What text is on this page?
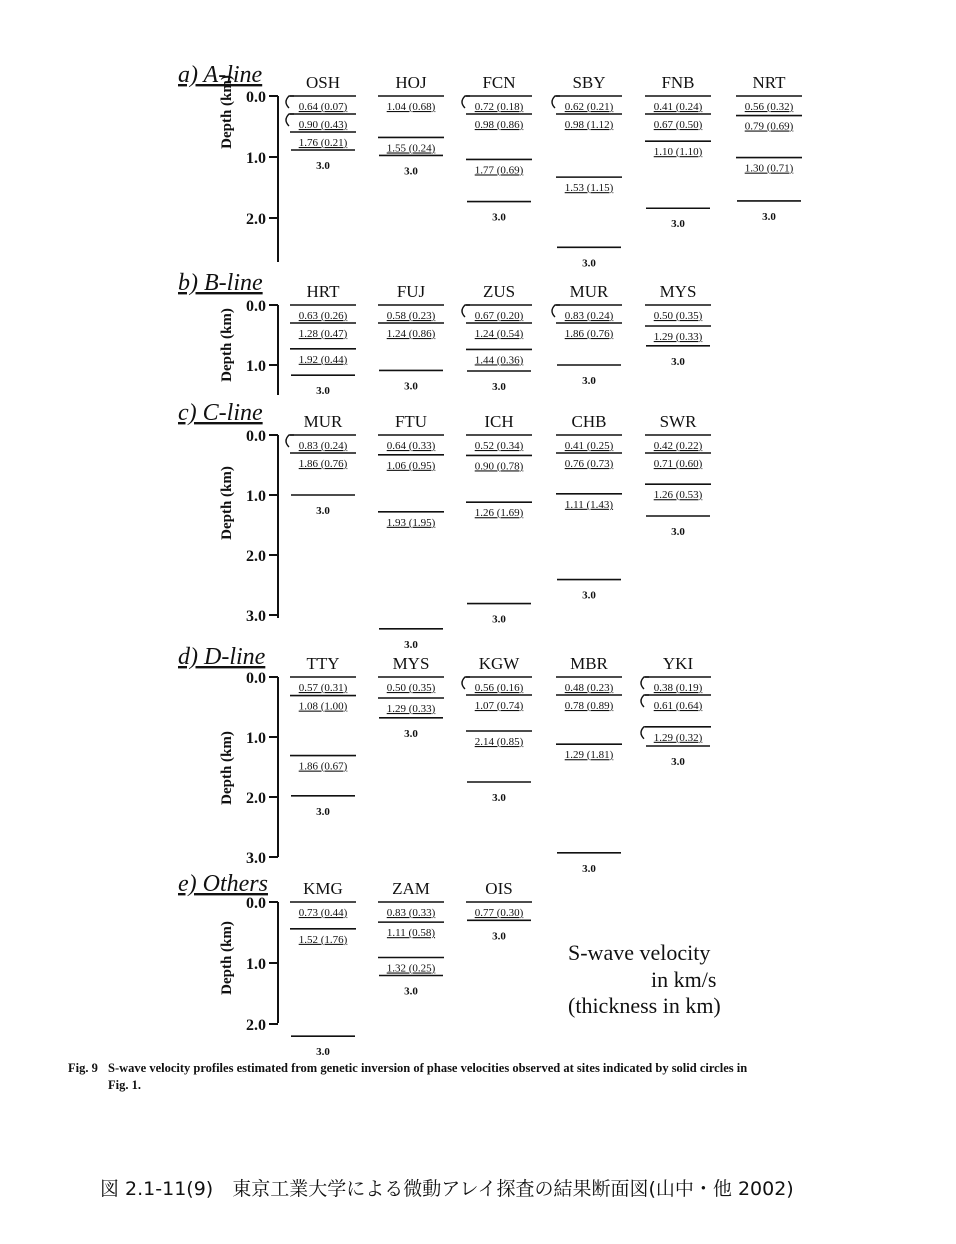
a) A-line
0.0
1.0
2.0
Depth (km)	OSH
0.64 (0.07)
0.90 (0.43)
1.76 (0.21)
3.0
HOJ
1.04 (0.68)
1.55 (0.24)
3.0
FCN
0.72 (0.18)
0.98 (0.86)
1.77 (0.69)
3.0
SBY
0.62 (0.21)
0.98 (1.12)
1.53 (1.15)
3.0
FNB
0.41 (0.24)
0.67 (0.50)
1.10 (1.10)
3.0
NRT
0.56 (0.32)
0.79 (0.69)
1.30 (0.71)
3.0
b) B-line
0.0
1.0
Depth (km)
HRT
0.63 (0.26)
1.28 (0.47)
1.92 (0.44)
3.0
FUJ
0.58 (0.23)
1.24 (0.86)
3.0
ZUS
0.67 (0.20)
1.24 (0.54)
1.44 (0.36)
3.0
MUR
0.83 (0.24)
1.86 (0.76)
3.0
MYS
0.50 (0.35)
1.29 (0.33)
3.0
c) C-line
0.0
1.0
2.0
3.0
Depth (km)
MUR
0.83 (0.24)
1.86 (0.76)
3.0
FTU
0.64 (0.33)
1.06 (0.95)
1.93 (1.95)
3.0
ICH
0.52 (0.34)
0.90 (0.78)
1.26 (1.69)
3.0
CHB
0.41 (0.25)
0.76 (0.73)
1.11 (1.43)
3.0
SWR
0.42 (0.22)
0.71 (0.60)
1.26 (0.53)
3.0
d) D-line
0.0
1.0
2.0
3.0
Depth (km)
TTY
0.57 (0.31)
1.08 (1.00)
1.86 (0.67)
3.0
MYS
0.50 (0.35)
1.29 (0.33)
3.0
KGW
0.56 (0.16)
1.07 (0.74)
2.14 (0.85)
3.0
MBR
0.48 (0.23)
0.78 (0.89)
1.29 (1.81)
3.0
YKI
0.38 (0.19)
0.61 (0.64)
1.29 (0.32)
3.0
e) Others
0.0
1.0
2.0
Depth (km)
KMG
0.73 (0.44)
1.52 (1.76)
3.0
ZAM
0.83 (0.33)
1.11 (0.58)
1.32 (0.25)
3.0
OIS
0.77 (0.30)
3.0
S-wave velocity
in km/s
(thickness in km)
Fig. 9 S-wave velocity profiles estimated from genetic inversion of phase velocities observed at sites indicated by solid circles in
Fig. 1.
図 2.1-11(9)　東京工業大学による微動アレイ探査の結果断面図(山中・他 2002)
